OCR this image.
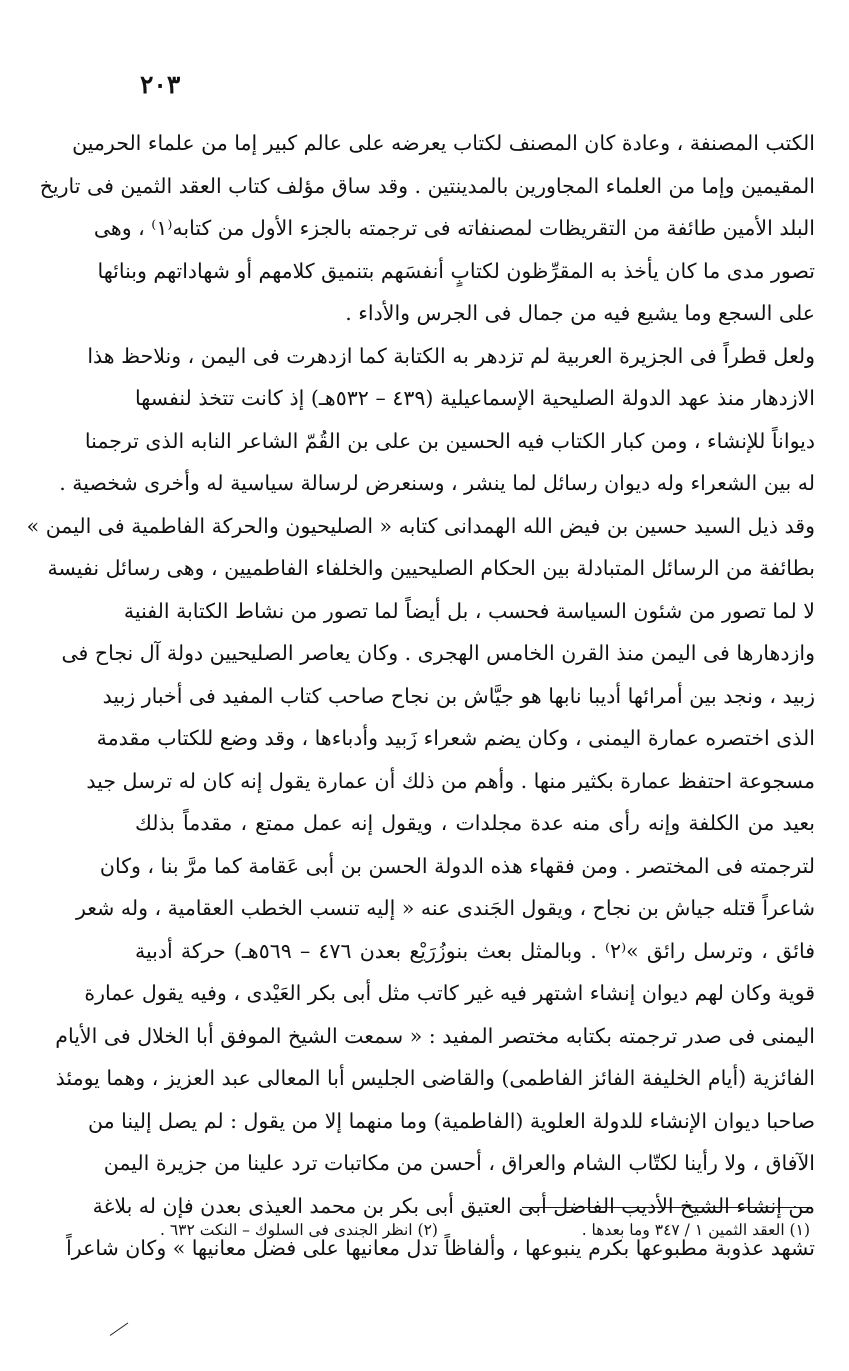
٢٠٣
الكتب المصنفة ، وعادة كان المصنف لكتاب يعرضه على عالم كبير إما من علماء الحرمين
المقيمين وإما من العلماء المجاورين بالمدينتين . وقد ساق مؤلف كتاب العقد الثمين فى تاريخ
البلد الأمين طائفة من التقريظات لمصنفاته فى ترجمته بالجزء الأول من كتابه⁽١⁾ ، وهى
تصور مدى ما كان يأخذ به المقرِّظون لكتابٍ أنفسَهم بتنميق كلامهم أو شهاداتهم وبنائها
على السجع وما يشيع فيه من جمال فى الجرس والأداء .
ولعل قطراً فى الجزيرة العربية لم تزدهر به الكتابة كما ازدهرت فى اليمن ، ونلاحظ هذا
الازدهار منذ عهد الدولة الصليحية الإسماعيلية (٤٣٩ – ٥٣٢هـ) إذ كانت تتخذ لنفسها
ديواناً للإنشاء ، ومن كبار الكتاب فيه الحسين بن على بن القُمّ الشاعر النابه الذى ترجمنا
له بين الشعراء وله ديوان رسائل لما ينشر ، وسنعرض لرسالة سياسية له وأخرى شخصية .
وقد ذيل السيد حسين بن فيض الله الهمدانى كتابه « الصليحيون والحركة الفاطمية فى اليمن »
بطائفة من الرسائل المتبادلة بين الحكام الصليحيين والخلفاء الفاطميين ، وهى رسائل نفيسة
لا لما تصور من شئون السياسة فحسب ، بل أيضاً لما تصور من نشاط الكتابة الفنية
وازدهارها فى اليمن منذ القرن الخامس الهجرى . وكان يعاصر الصليحيين دولة آل نجاح فى
زبيد ، ونجد بين أمرائها أديبا نابها هو جيَّاش بن نجاح صاحب كتاب المفيد فى أخبار زبيد
الذى اختصره عمارة اليمنى ، وكان يضم شعراء زَبيد وأدباءها ، وقد وضع للكتاب مقدمة
مسجوعة احتفظ عمارة بكثير منها . وأهم من ذلك أن عمارة يقول إنه كان له ترسل جيد
بعيد من الكلفة وإنه رأى منه عدة مجلدات ، ويقول إنه عمل ممتع ، مقدماً بذلك
لترجمته فى المختصر . ومن فقهاء هذه الدولة الحسن بن أبى عَقامة كما مرَّ بنا ، وكان
شاعراً قتله جياش بن نجاح ، ويقول الجَندى عنه « إليه تنسب الخطب العقامية ، وله شعر
فائق ، وترسل رائق »⁽٢⁾ . وبالمثل بعث بنوزُرَيْع بعدن ٤٧٦ – ٥٦٩هـ) حركة أدبية
قوية وكان لهم ديوان إنشاء اشتهر فيه غير كاتب مثل أبى بكر العَيْدى ، وفيه يقول عمارة
اليمنى فى صدر ترجمته بكتابه مختصر المفيد : « سمعت الشيخ الموفق أبا الخلال فى الأيام
الفائزية (أيام الخليفة الفائز الفاطمى) والقاضى الجليس أبا المعالى عبد العزيز ، وهما يومئذ
صاحبا ديوان الإنشاء للدولة العلوية (الفاطمية) وما منهما إلا من يقول : لم يصل إلينا من
الآفاق ، ولا رأينا لكتّاب الشام والعراق ، أحسن من مكاتبات ترد علينا من جزيرة اليمن
من إنشاء الشيخ الأديب الفاضل أبى العتيق أبى بكر بن محمد العيذى بعدن فإن له بلاغة
تشهد عذوبة مطبوعها بكرم ينبوعها ، وألفاظاً تدل معانيها على فضل معانيها » وكان شاعراً
(١) العقد الثمين ١ / ٣٤٧ وما بعدها .
(٢) انظر الجندى فى السلوك – النكت ٦٣٢ .
